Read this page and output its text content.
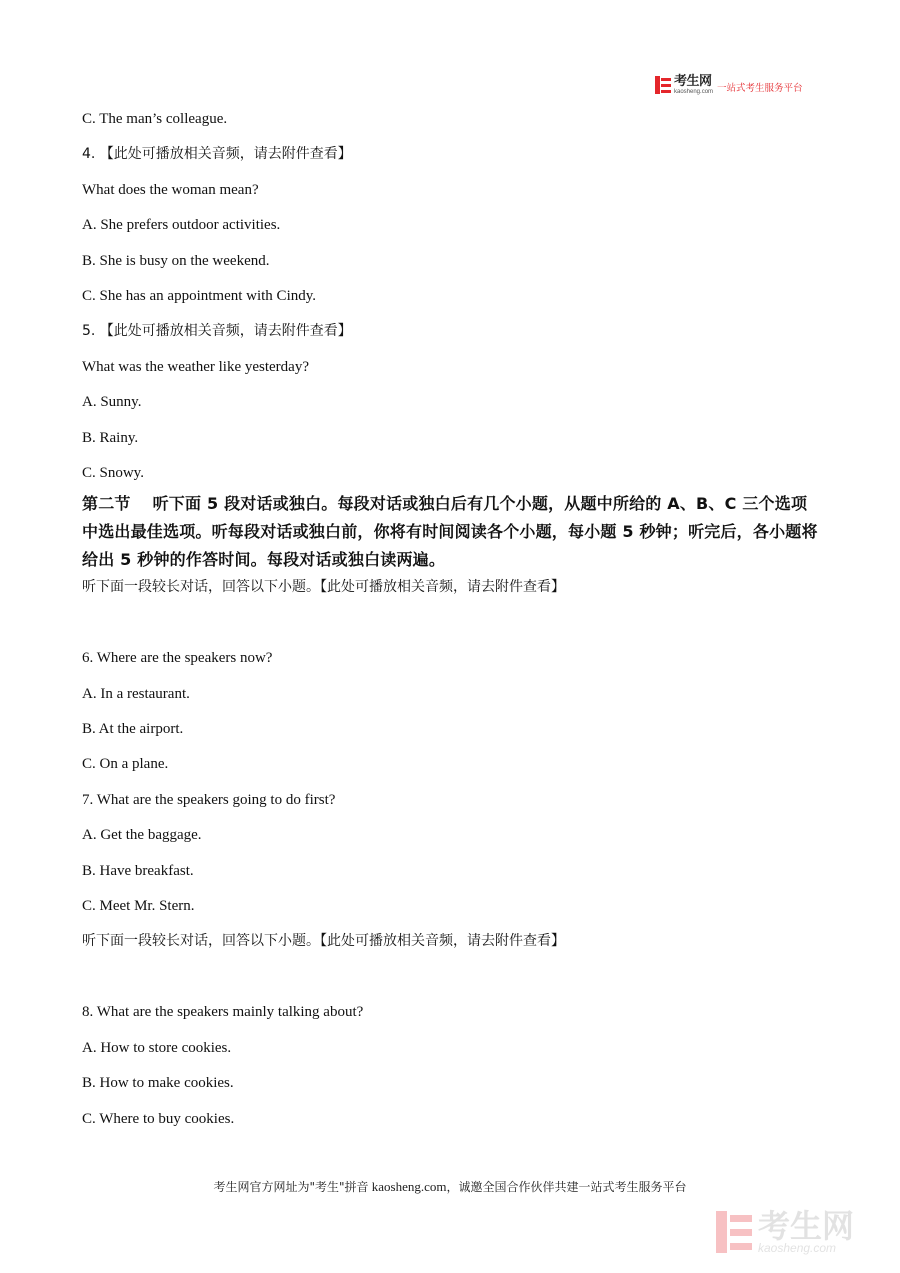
考生网
kaosheng.com 一站式考生服务平台
C. The man’s colleague.
4. 【此处可播放相关音频，请去附件查看】
What does the woman mean?
A. She prefers outdoor activities.
B. She is busy on the weekend.
C. She has an appointment with Cindy.
5. 【此处可播放相关音频，请去附件查看】
What was the weather like yesterday?
A. Sunny.
B. Rainy.
C. Snowy.
第二节 听下面 5 段对话或独白。每段对话或独白后有几个小题，从题中所给的 A、B、C 三个选项中选出最佳选项。听每段对话或独白前，你将有时间阅读各个小题，每小题 5 秒钟；听完后，各小题将给出 5 秒钟的作答时间。每段对话或独白读两遍。
听下面一段较长对话，回答以下小题。【此处可播放相关音频，请去附件查看】
6. Where are the speakers now?
A. In a restaurant.
B. At the airport.
C. On a plane.
7. What are the speakers going to do first?
A. Get the baggage.
B. Have breakfast.
C. Meet Mr. Stern.
听下面一段较长对话，回答以下小题。【此处可播放相关音频，请去附件查看】
8. What are the speakers mainly talking about?
A. How to store cookies.
B. How to make cookies.
C. Where to buy cookies.
考生网官方网址为"考生"拼音 kaosheng.com，诚邀全国合作伙伴共建一站式考生服务平台
考生网
kaosheng.com
